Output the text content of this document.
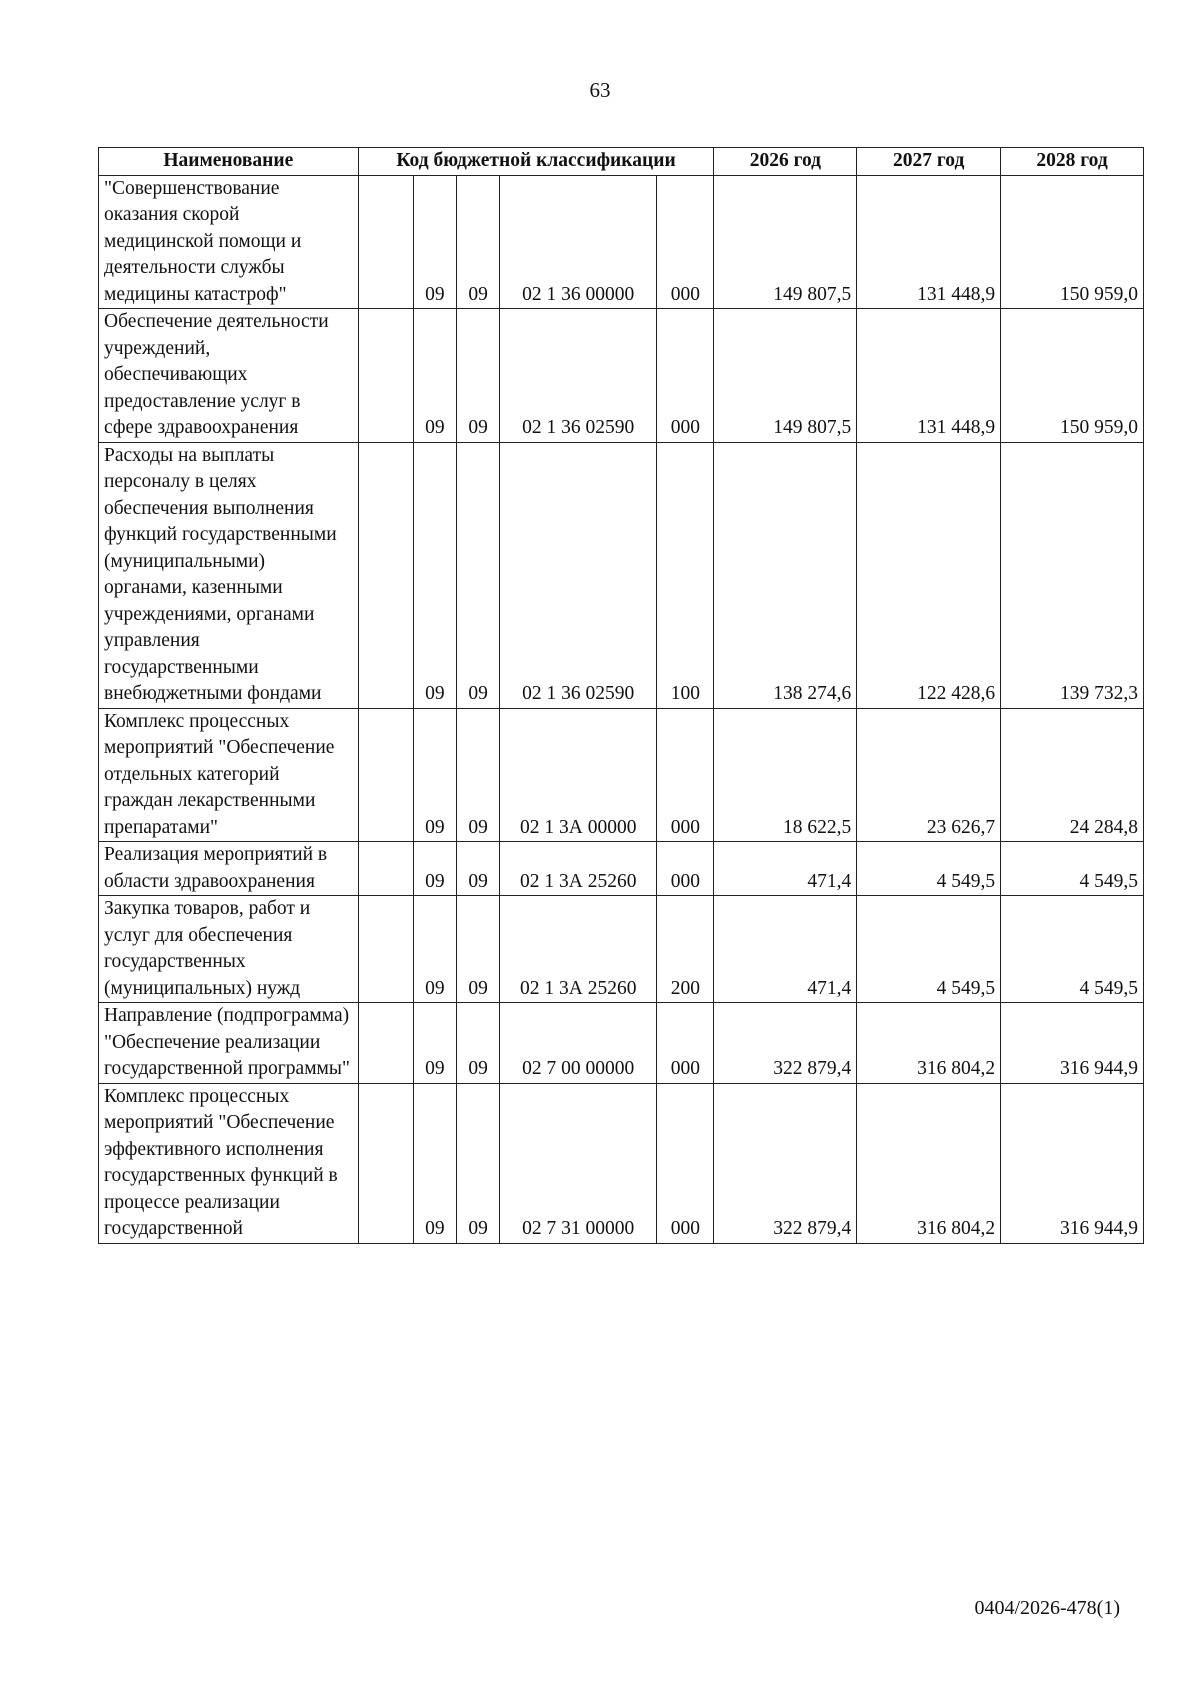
63
Наименование	Код бюджетной классификации					2026 год	2027 год	2028 год
"Совершенствование оказания скорой медицинской помощи и деятельности службы медицины катастроф"		09	09	02 1 36 00000	000	149 807,5	131 448,9	150 959,0
Обеспечение деятельности учреждений, обеспечивающих предоставление услуг в сфере здравоохранения		09	09	02 1 36 02590	000	149 807,5	131 448,9	150 959,0
Расходы на выплаты персоналу в целях обеспечения выполнения функций государственными (муниципальными) органами, казенными учреждениями, органами управления государственными внебюджетными фондами		09	09	02 1 36 02590	100	138 274,6	122 428,6	139 732,3
Комплекс процессных мероприятий "Обеспечение отдельных категорий граждан лекарственными препаратами"		09	09	02 1 3А 00000	000	18 622,5	23 626,7	24 284,8
Реализация мероприятий в области здравоохранения		09	09	02 1 3А 25260	000	471,4	4 549,5	4 549,5
Закупка товаров, работ и услуг для обеспечения государственных (муниципальных) нужд		09	09	02 1 3А 25260	200	471,4	4 549,5	4 549,5
Направление (подпрограмма) "Обеспечение реализации государственной программы"		09	09	02 7 00 00000	000	322 879,4	316 804,2	316 944,9
Комплекс процессных мероприятий "Обеспечение эффективного исполнения государственных функций в процессе реализации государственной		09	09	02 7 31 00000	000	322 879,4	316 804,2	316 944,9
0404/2026-478(1)
